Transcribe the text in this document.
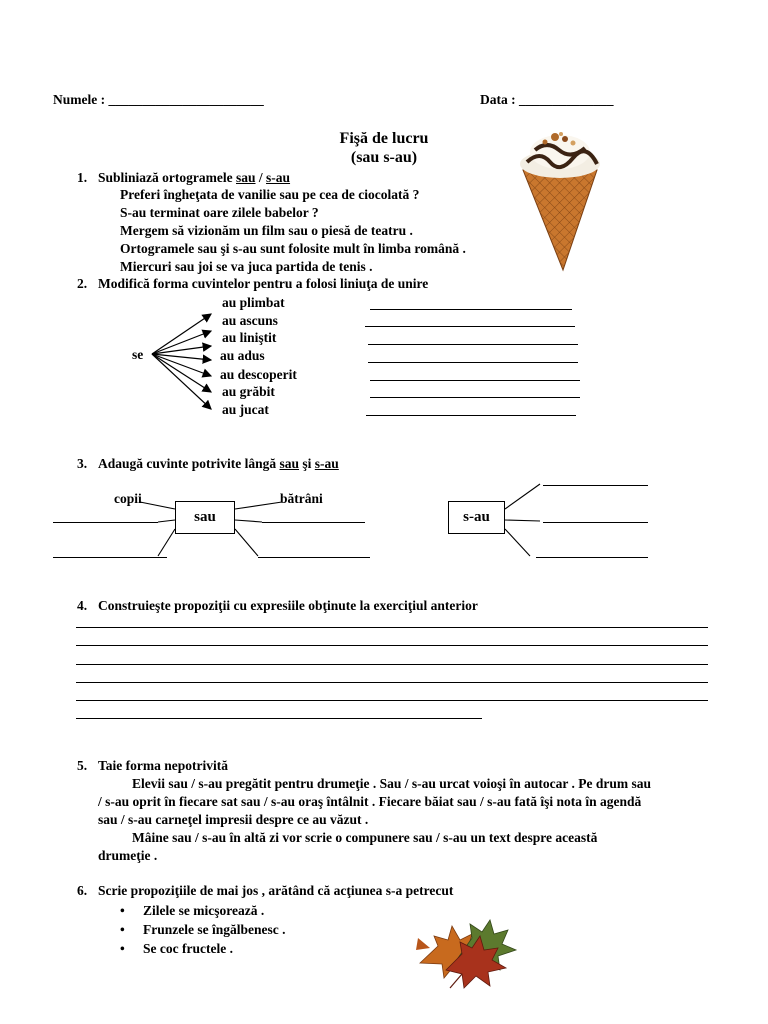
Numele : _______________________	Data : ______________
Fişă de lucru
(sau s-au)
1. Subliniază ortogramele sau / s-au
Preferi îngheţata de vanilie sau pe cea de ciocolată ?
S-au terminat oare zilele babelor ?
Mergem să vizionăm un film sau o piesă de teatru .
Ortogramele sau şi s-au sunt folosite mult în limba română .
Miercuri sau joi se va juca partida de tenis .
2. Modifică forma cuvintelor pentru a folosi liniuţa de unire
se
au plimbat
au ascuns
au liniştit
au adus
au descoperit
au grăbit
au jucat
3. Adaugă cuvinte potrivite lângă sau şi s-au
copii	bătrâni
sau	s-au
4. Construieşte propoziţii cu expresiile obţinute la exerciţiul anterior
5. Taie forma nepotrivită
Elevii sau / s-au pregătit pentru drumeţie . Sau / s-au urcat voioşi în autocar . Pe drum sau
/ s-au oprit în fiecare sat sau / s-au oraş întâlnit . Fiecare băiat sau / s-au fată îşi nota în agendă
sau / s-au carneţel impresii despre ce au văzut .
Mâine sau / s-au în altă zi vor scrie o compunere sau / s-au un text despre această
drumeţie .
6. Scrie propoziţiile de mai jos , arătând că acţiunea s-a petrecut
• Zilele se micşorează .
• Frunzele se îngălbenesc .
• Se coc fructele .
